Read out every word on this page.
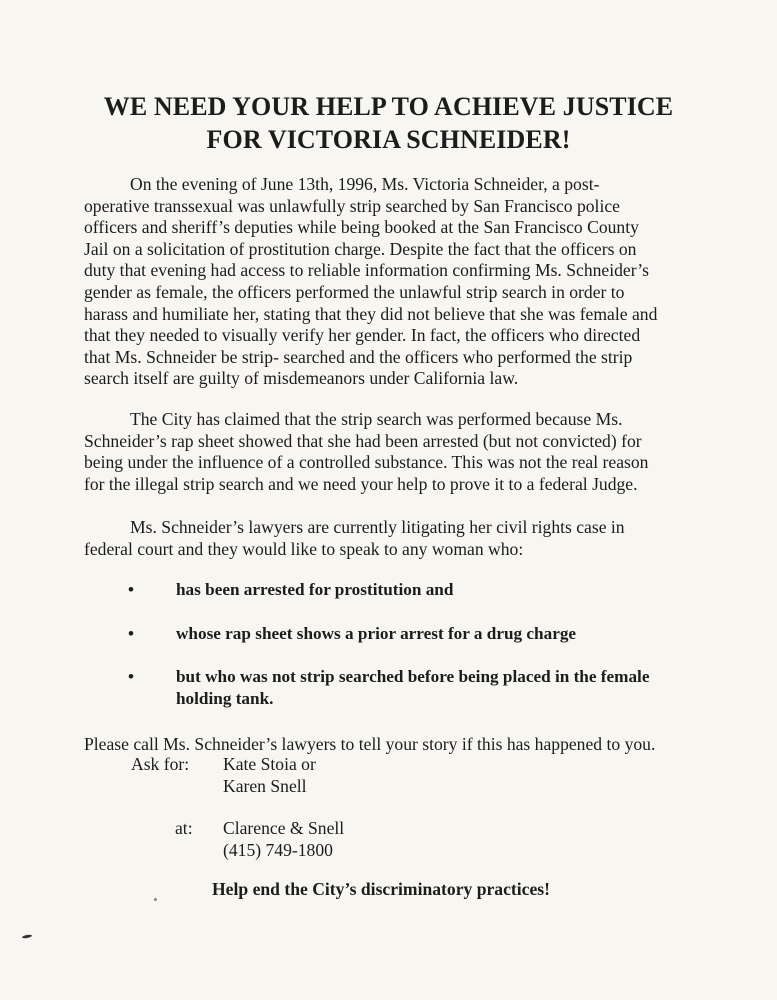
WE NEED YOUR HELP TO ACHIEVE JUSTICE
FOR VICTORIA SCHNEIDER!

On the evening of June 13th, 1996, Ms. Victoria Schneider, a post-
operative transsexual was unlawfully strip searched by San Francisco police
officers and sheriff’s deputies while being booked at the San Francisco County
Jail on a solicitation of prostitution charge. Despite the fact that the officers on
duty that evening had access to reliable information confirming Ms. Schneider’s
gender as female, the officers performed the unlawful strip search in order to
harass and humiliate her, stating that they did not believe that she was female and
that they needed to visually verify her gender. In fact, the officers who directed
that Ms. Schneider be strip- searched and the officers who performed the strip
search itself are guilty of misdemeanors under California law.

The City has claimed that the strip search was performed because Ms.
Schneider’s rap sheet showed that she had been arrested (but not convicted) for
being under the influence of a controlled substance. This was not the real reason
for the illegal strip search and we need your help to prove it to a federal Judge.

Ms. Schneider’s lawyers are currently litigating her civil rights case in
federal court and they would like to speak to any woman who:

• has been arrested for prostitution and
• whose rap sheet shows a prior arrest for a drug charge
• but who was not strip searched before being placed in the female
holding tank.
Please call Ms. Schneider’s lawyers to tell your story if this has happened to you.
Ask for: Kate Stoia or
Karen Snell
at: Clarence & Snell
(415) 749-1800
Help end the City’s discriminatory practices!
